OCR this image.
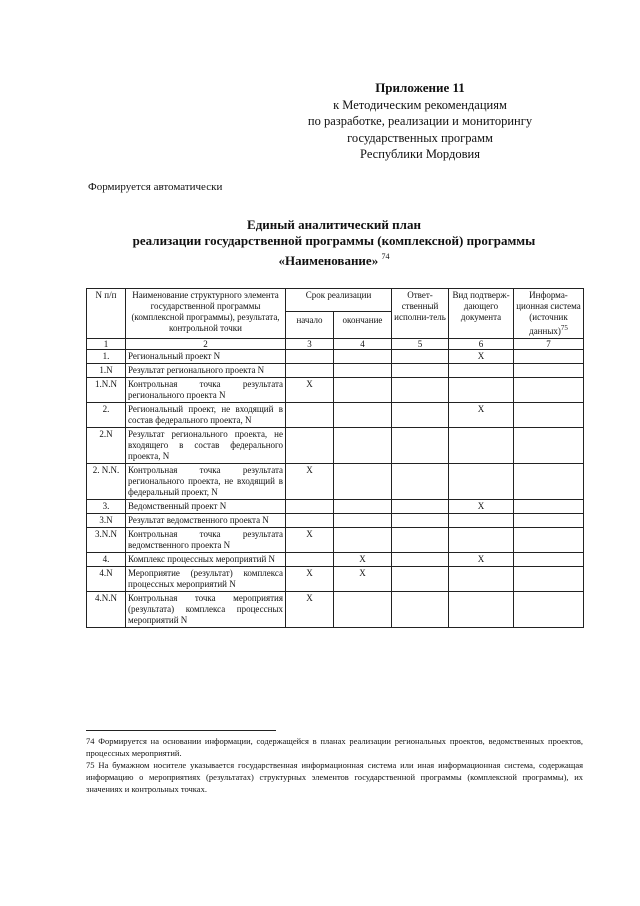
Приложение 11
к Методическим рекомендациям
по разработке, реализации и мониторингу
государственных программ
Республики Мордовия
Формируется автоматически
Единый аналитический план
реализации государственной программы (комплексной) программы
«Наименование» $^{74}$
N п/п	Наименование структурного элемента государственной программы (комплексной программы), результата, контрольной точки	Срок реализации		Ответ-ственный исполни-тель	Вид подтверж-дающего документа	Информа-ционная система (источник данных)$^{75}$
		начало	окончание			
1	2	3	4	5	6	7
1.	Региональный проект N				X	
1.N	Результат регионального проекта N					
1.N.N	Контрольная точка результата регионального проекта N	X				
2.	Региональный проект, не входящий в состав федерального проекта, N				X	
2.N	Результат регионального проекта, не входящего в состав федерального проекта, N					
2. N.N.	Контрольная точка результата регионального проекта, не входящий в федеральный проект, N	X				
3.	Ведомственный проект N				X	
3.N	Результат ведомственного проекта N					
3.N.N	Контрольная точка результата ведомственного проекта N	X				
4.	Комплекс процессных мероприятий N		X		X	
4.N	Мероприятие (результат) комплекса процессных мероприятий N	X	X			
4.N.N	Контрольная точка мероприятия (результата) комплекса процессных мероприятий N	X				

74 Формируется на основании информации, содержащейся в планах реализации региональных проектов, ведомственных проектов, процессных мероприятий.

75 На бумажном носителе указывается государственная информационная система или иная информационная система, содержащая информацию о мероприятиях (результатах) структурных элементов государственной программы (комплексной программы), их значениях и контрольных точках.
